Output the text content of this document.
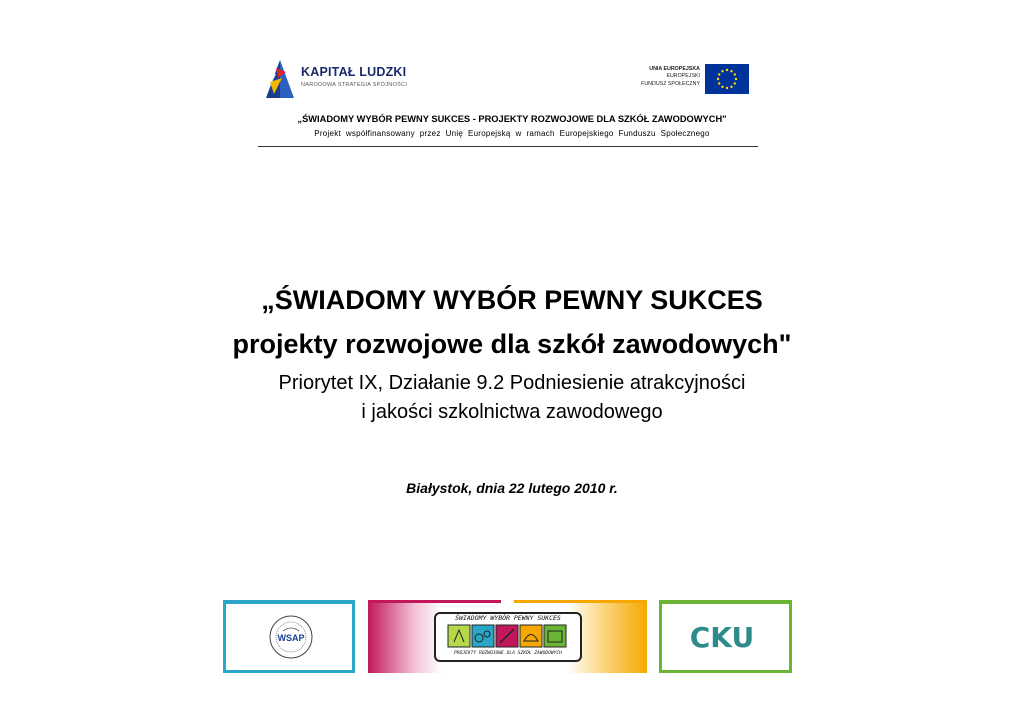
KAPITAŁ LUDZKI
NARODOWA STRATEGIA SPÓJNOŚCI
UNIA EUROPEJSKA
EUROPEJSKI
FUNDUSZ SPOŁECZNY
„ŚWIADOMY WYBÓR PEWNY SUKCES - PROJEKTY ROZWOJOWE DLA SZKÓŁ ZAWODOWYCH"
Projekt współfinansowany przez Unię Europejską w ramach Europejskiego Funduszu Społecznego
„ŚWIADOMY WYBÓR PEWNY SUKCES
projekty rozwojowe dla szkół zawodowych"
Priorytet IX, Działanie 9.2 Podniesienie atrakcyjności
i jakości szkolnictwa zawodowego
Białystok, dnia 22 lutego 2010 r.
WSAP
ŚWIADOMY WYBÓR PEWNY SUKCES
PROJEKTY ROZWOJOWE DLA SZKÓŁ ZAWODOWYCH	CKU
